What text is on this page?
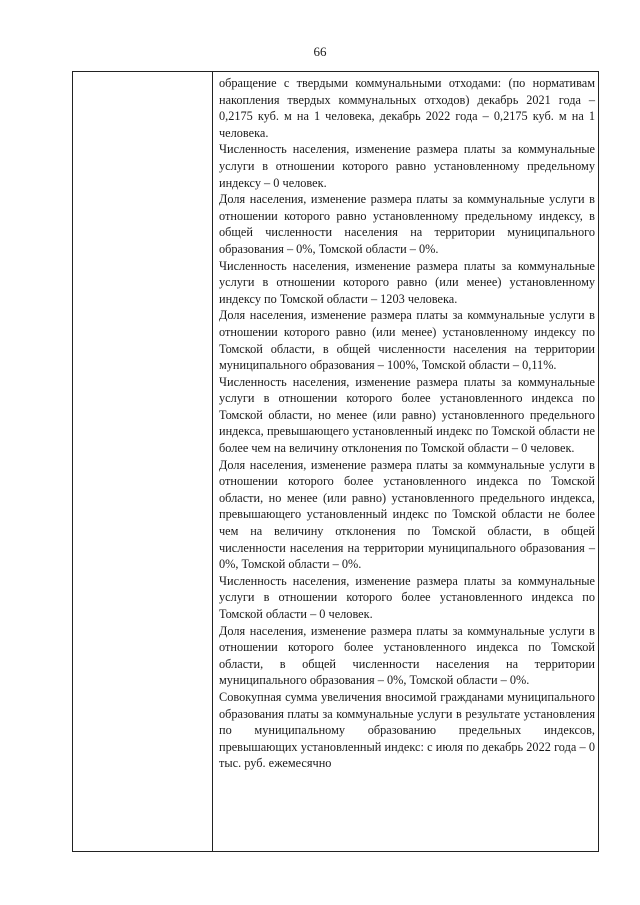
66

обращение с твердыми коммунальными отходами: (по нормативам накопления твердых коммунальных отходов) декабрь 2021 года – 0,2175 куб. м на 1 человека, декабрь 2022 года – 0,2175 куб. м на 1 человека.

Численность населения, изменение размера платы за коммунальные услуги в отношении которого равно установленному предельному индексу – 0 человек.

Доля населения, изменение размера платы за коммунальные услуги в отношении которого равно установленному предельному индексу, в общей численности населения на территории муниципального образования – 0%, Томской области – 0%.

Численность населения, изменение размера платы за коммунальные услуги в отношении которого равно (или менее) установленному индексу по Томской области – 1203 человека.

Доля населения, изменение размера платы за коммунальные услуги в отношении которого равно (или менее) установленному индексу по Томской области, в общей численности населения на территории муниципального образования – 100%, Томской области – 0,11%.

Численность населения, изменение размера платы за коммунальные услуги в отношении которого более установленного индекса по Томской области, но менее (или равно) установленного предельного индекса, превышающего установленный индекс по Томской области не более чем на величину отклонения по Томской области – 0 человек.

Доля населения, изменение размера платы за коммунальные услуги в отношении которого более установленного индекса по Томской области, но менее (или равно) установленного предельного индекса, превышающего установленный индекс по Томской области не более чем на величину отклонения по Томской области, в общей численности населения на территории муниципального образования – 0%, Томской области – 0%.

Численность населения, изменение размера платы за коммунальные услуги в отношении которого более установленного индекса по Томской области – 0 человек.

Доля населения, изменение размера платы за коммунальные услуги в отношении которого более установленного индекса по Томской области, в общей численности населения на территории муниципального образования – 0%, Томской области – 0%.

Совокупная сумма увеличения вносимой гражданами муниципального образования платы за коммунальные услуги в результате установления по муниципальному образованию предельных индексов, превышающих установленный индекс: с июля по декабрь 2022 года – 0 тыс. руб. ежемесячно
